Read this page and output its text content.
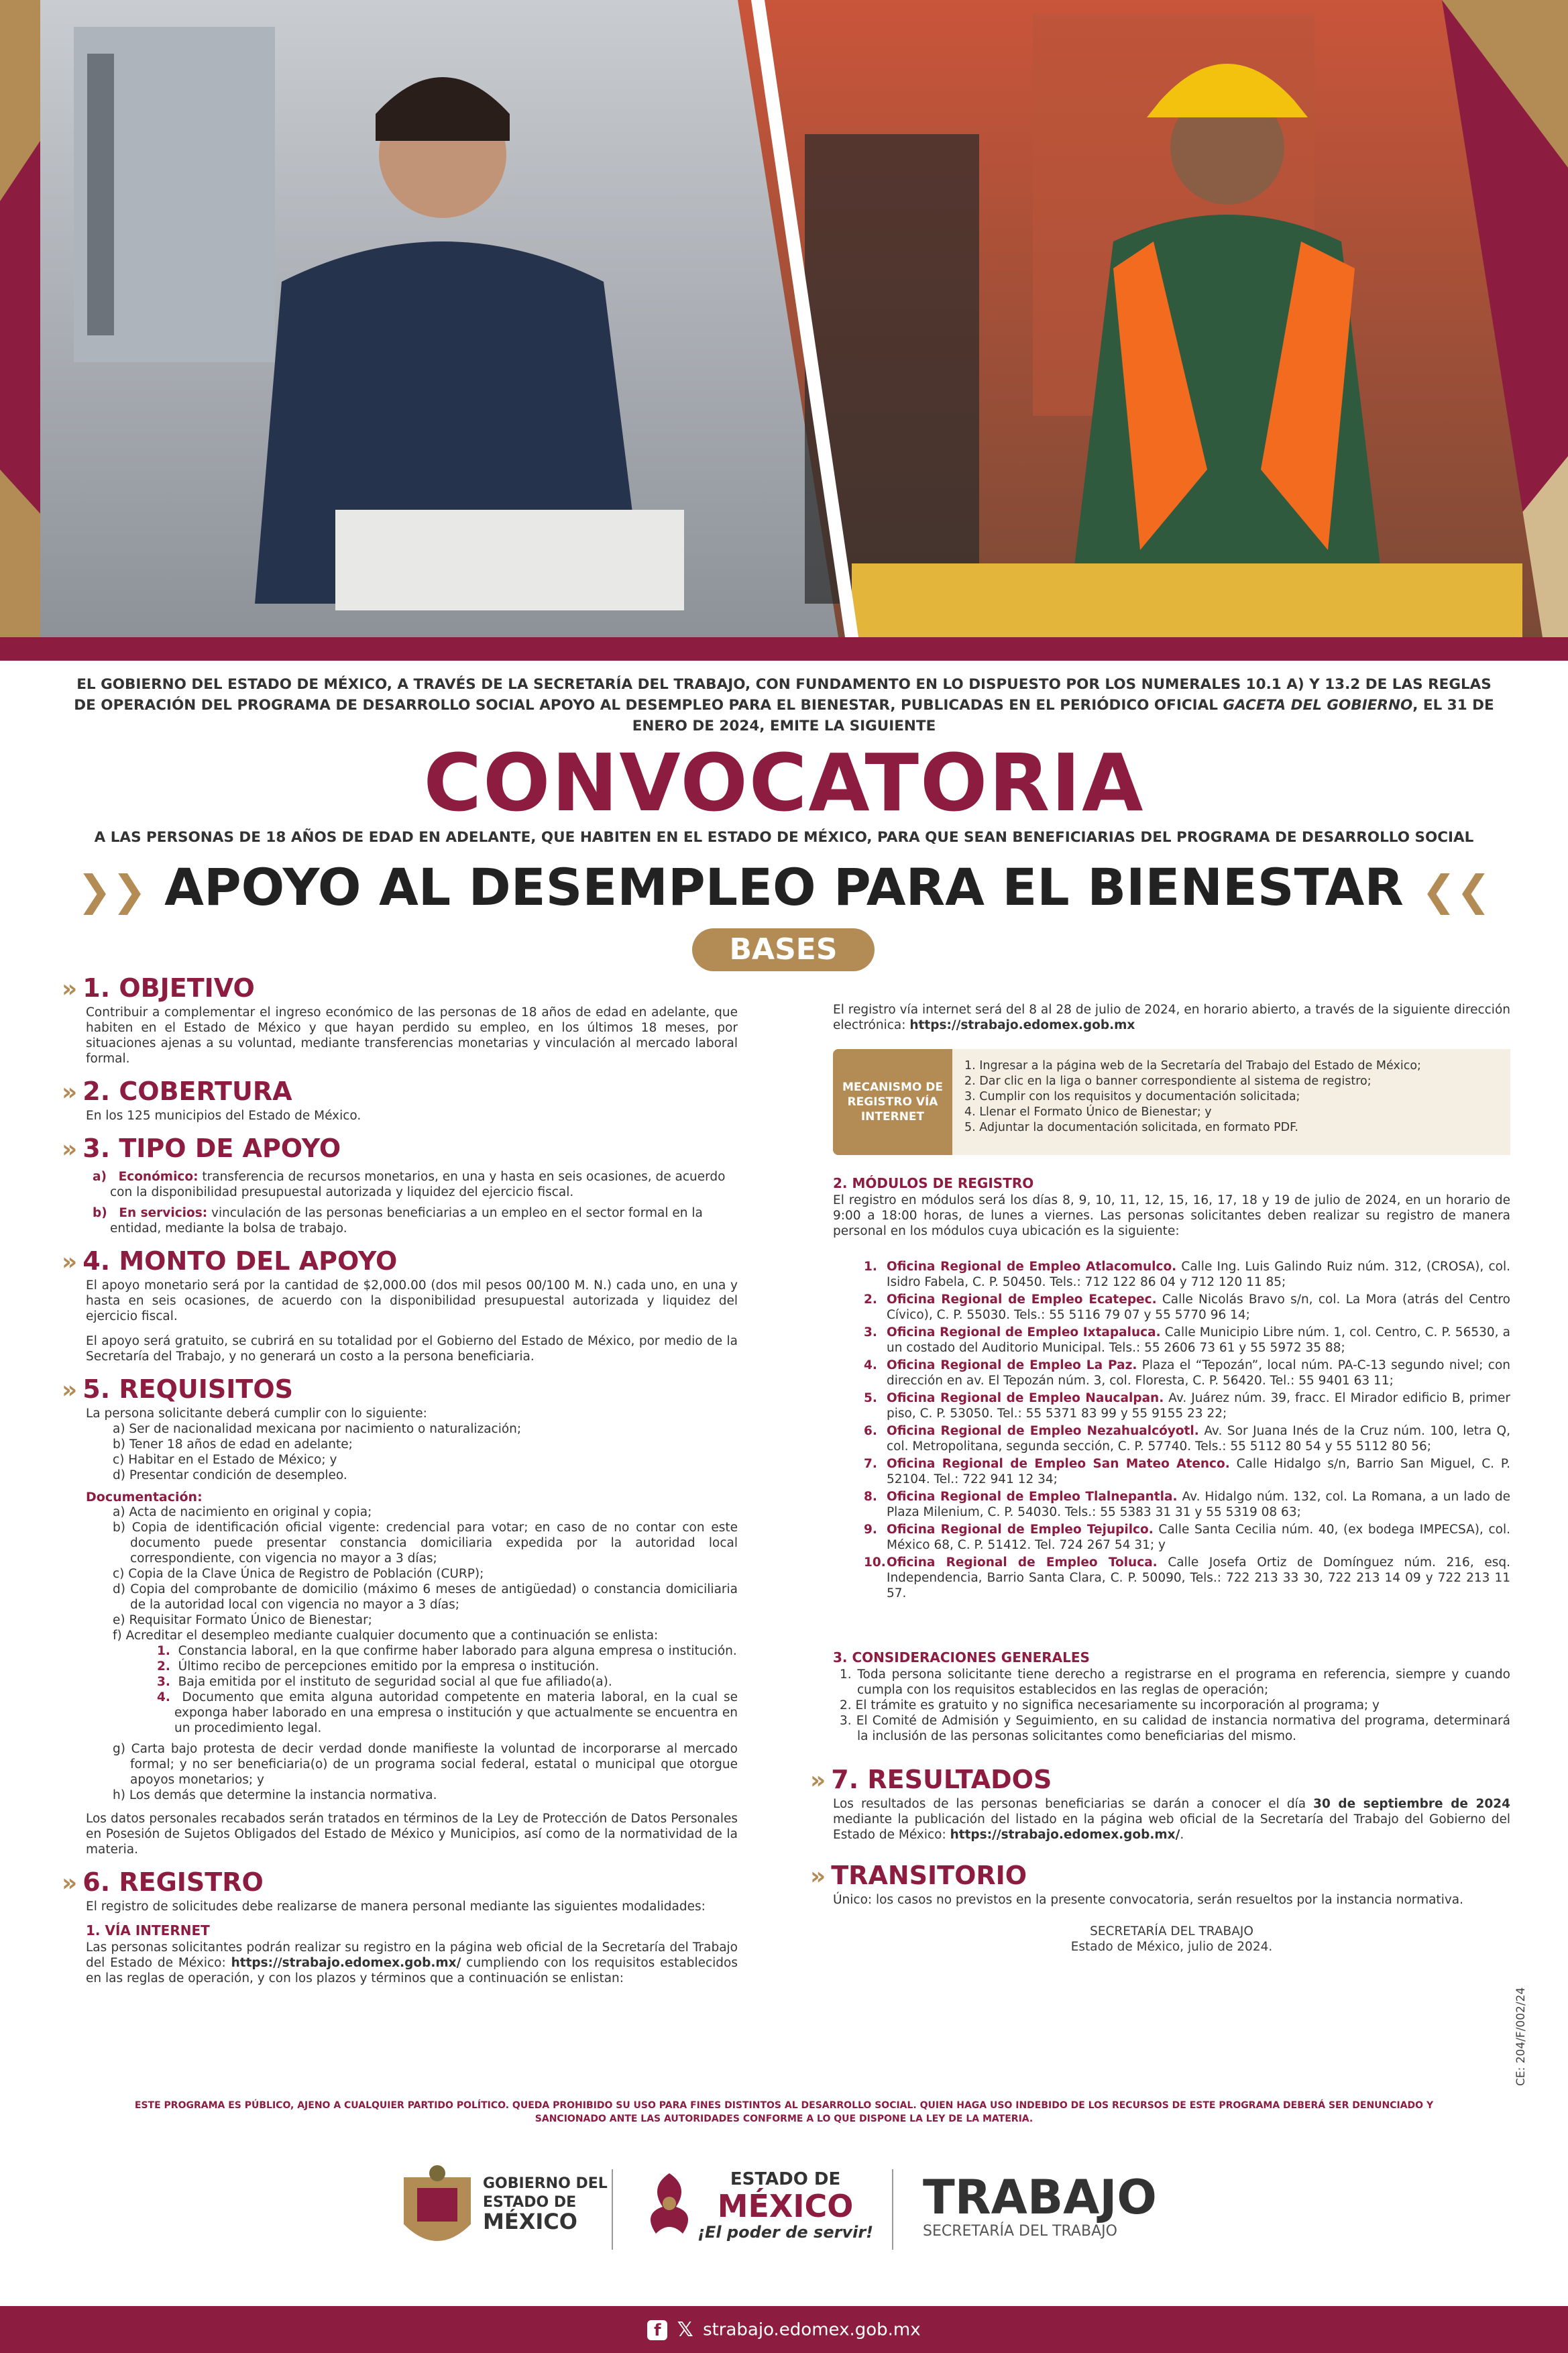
EL GOBIERNO DEL ESTADO DE MÉXICO, A TRAVÉS DE LA SECRETARÍA DEL TRABAJO, CON FUNDAMENTO EN LO DISPUESTO POR LOS NUMERALES 10.1 A) Y 13.2 DE LAS REGLAS DE OPERACIÓN DEL PROGRAMA DE DESARROLLO SOCIAL APOYO AL DESEMPLEO PARA EL BIENESTAR, PUBLICADAS EN EL PERIÓDICO OFICIAL GACETA DEL GOBIERNO, EL 31 DE ENERO DE 2024, EMITE LA SIGUIENTE
CONVOCATORIA
A LAS PERSONAS DE 18 AÑOS DE EDAD EN ADELANTE, QUE HABITEN EN EL ESTADO DE MÉXICO, PARA QUE SEAN BENEFICIARIAS DEL PROGRAMA DE DESARROLLO SOCIAL
❯❯ APOYO AL DESEMPLEO PARA EL BIENESTAR ❮❮
BASES
» 1. OBJETIVO
Contribuir a complementar el ingreso económico de las personas de 18 años de edad en adelante, que habiten en el Estado de México y que hayan perdido su empleo, en los últimos 18 meses, por situaciones ajenas a su voluntad, mediante transferencias monetarias y vinculación al mercado laboral formal.
» 2. COBERTURA
En los 125 municipios del Estado de México.
» 3. TIPO DE APOYO
a) Económico: transferencia de recursos monetarios, en una y hasta en seis ocasiones, de acuerdo con la disponibilidad presupuestal autorizada y liquidez del ejercicio fiscal.
b) En servicios: vinculación de las personas beneficiarias a un empleo en el sector formal en la entidad, mediante la bolsa de trabajo.
» 4. MONTO DEL APOYO
El apoyo monetario será por la cantidad de $2,000.00 (dos mil pesos 00/100 M. N.) cada uno, en una y hasta en seis ocasiones, de acuerdo con la disponibilidad presupuestal autorizada y liquidez del ejercicio fiscal.
El apoyo será gratuito, se cubrirá en su totalidad por el Gobierno del Estado de México, por medio de la Secretaría del Trabajo, y no generará un costo a la persona beneficiaria.
» 5. REQUISITOS
La persona solicitante deberá cumplir con lo siguiente:
a) Ser de nacionalidad mexicana por nacimiento o naturalización;
b) Tener 18 años de edad en adelante;
c) Habitar en el Estado de México; y
d) Presentar condición de desempleo.
Documentación:
a) Acta de nacimiento en original y copia;
b) Copia de identificación oficial vigente: credencial para votar; en caso de no contar con este documento puede presentar constancia domiciliaria expedida por la autoridad local correspondiente, con vigencia no mayor a 3 días;
c) Copia de la Clave Única de Registro de Población (CURP);
d) Copia del comprobante de domicilio (máximo 6 meses de antigüedad) o constancia domiciliaria de la autoridad local con vigencia no mayor a 3 días;
e) Requisitar Formato Único de Bienestar;
f) Acreditar el desempleo mediante cualquier documento que a continuación se enlista:
1. Constancia laboral, en la que confirme haber laborado para alguna empresa o institución.
2. Último recibo de percepciones emitido por la empresa o institución.
3. Baja emitida por el instituto de seguridad social al que fue afiliado(a).
4. Documento que emita alguna autoridad competente en materia laboral, en la cual se exponga haber laborado en una empresa o institución y que actualmente se encuentra en un procedimiento legal.
g) Carta bajo protesta de decir verdad donde manifieste la voluntad de incorporarse al mercado formal; y no ser beneficiaria(o) de un programa social federal, estatal o municipal que otorgue apoyos monetarios; y
h) Los demás que determine la instancia normativa.
Los datos personales recabados serán tratados en términos de la Ley de Protección de Datos Personales en Posesión de Sujetos Obligados del Estado de México y Municipios, así como de la normatividad de la materia.
» 6. REGISTRO
El registro de solicitudes debe realizarse de manera personal mediante las siguientes modalidades:
1. VÍA INTERNET
Las personas solicitantes podrán realizar su registro en la página web oficial de la Secretaría del Trabajo del Estado de México: https://strabajo.edomex.gob.mx/ cumpliendo con los requisitos establecidos en las reglas de operación, y con los plazos y términos que a continuación se enlistan:
El registro vía internet será del 8 al 28 de julio de 2024, en horario abierto, a través de la siguiente dirección electrónica: https://strabajo.edomex.gob.mx
MECANISMO DE REGISTRO VÍA INTERNET
1. Ingresar a la página web de la Secretaría del Trabajo del Estado de México;
2. Dar clic en la liga o banner correspondiente al sistema de registro;
3. Cumplir con los requisitos y documentación solicitada;
4. Llenar el Formato Único de Bienestar; y
5. Adjuntar la documentación solicitada, en formato PDF.
2. MÓDULOS DE REGISTRO
El registro en módulos será los días 8, 9, 10, 11, 12, 15, 16, 17, 18 y 19 de julio de 2024, en un horario de 9:00 a 18:00 horas, de lunes a viernes. Las personas solicitantes deben realizar su registro de manera personal en los módulos cuya ubicación es la siguiente:
1. Oficina Regional de Empleo Atlacomulco. Calle Ing. Luis Galindo Ruiz núm. 312, (CROSA), col. Isidro Fabela, C. P. 50450. Tels.: 712 122 86 04 y 712 120 11 85;
2. Oficina Regional de Empleo Ecatepec. Calle Nicolás Bravo s/n, col. La Mora (atrás del Centro Cívico), C. P. 55030. Tels.: 55 5116 79 07 y 55 5770 96 14;
3. Oficina Regional de Empleo Ixtapaluca. Calle Municipio Libre núm. 1, col. Centro, C. P. 56530, a un costado del Auditorio Municipal. Tels.: 55 2606 73 61 y 55 5972 35 88;
4. Oficina Regional de Empleo La Paz. Plaza el “Tepozán”, local núm. PA-C-13 segundo nivel; con dirección en av. El Tepozán núm. 3, col. Floresta, C. P. 56420. Tel.: 55 9401 63 11;
5. Oficina Regional de Empleo Naucalpan. Av. Juárez núm. 39, fracc. El Mirador edificio B, primer piso, C. P. 53050. Tel.: 55 5371 83 99 y 55 9155 23 22;
6. Oficina Regional de Empleo Nezahualcóyotl. Av. Sor Juana Inés de la Cruz núm. 100, letra Q, col. Metropolitana, segunda sección, C. P. 57740. Tels.: 55 5112 80 54 y 55 5112 80 56;
7. Oficina Regional de Empleo San Mateo Atenco. Calle Hidalgo s/n, Barrio San Miguel, C. P. 52104. Tel.: 722 941 12 34;
8. Oficina Regional de Empleo Tlalnepantla. Av. Hidalgo núm. 132, col. La Romana, a un lado de Plaza Milenium, C. P. 54030. Tels.: 55 5383 31 31 y 55 5319 08 63;
9. Oficina Regional de Empleo Tejupilco. Calle Santa Cecilia núm. 40, (ex bodega IMPECSA), col. México 68, C. P. 51412. Tel. 724 267 54 31; y
10.Oficina Regional de Empleo Toluca. Calle Josefa Ortiz de Domínguez núm. 216, esq. Independencia, Barrio Santa Clara, C. P. 50090, Tels.: 722 213 33 30, 722 213 14 09 y 722 213 11 57.
3. CONSIDERACIONES GENERALES
1. Toda persona solicitante tiene derecho a registrarse en el programa en referencia, siempre y cuando cumpla con los requisitos establecidos en las reglas de operación;
2. El trámite es gratuito y no significa necesariamente su incorporación al programa; y
3. El Comité de Admisión y Seguimiento, en su calidad de instancia normativa del programa, determinará la inclusión de las personas solicitantes como beneficiarias del mismo.
» 7. RESULTADOS
Los resultados de las personas beneficiarias se darán a conocer el día 30 de septiembre de 2024 mediante la publicación del listado en la página web oficial de la Secretaría del Trabajo del Gobierno del Estado de México: https://strabajo.edomex.gob.mx/.
» TRANSITORIO
Único: los casos no previstos en la presente convocatoria, serán resueltos por la instancia normativa.
SECRETARÍA DEL TRABAJO
Estado de México, julio de 2024.
CE: 204/F/002/24
ESTE PROGRAMA ES PÚBLICO, AJENO A CUALQUIER PARTIDO POLÍTICO. QUEDA PROHIBIDO SU USO PARA FINES DISTINTOS AL DESARROLLO SOCIAL. QUIEN HAGA USO INDEBIDO DE LOS RECURSOS DE ESTE PROGRAMA DEBERÁ SER DENUNCIADO Y SANCIONADO ANTE LAS AUTORIDADES CONFORME A LO QUE DISPONE LA LEY DE LA MATERIA.
GOBIERNO DEL
ESTADO DE
MÉXICO
ESTADO DE
MÉXICO
¡El poder de servir!
TRABAJO
SECRETARÍA DEL TRABAJO
f 𝕏 strabajo.edomex.gob.mx
